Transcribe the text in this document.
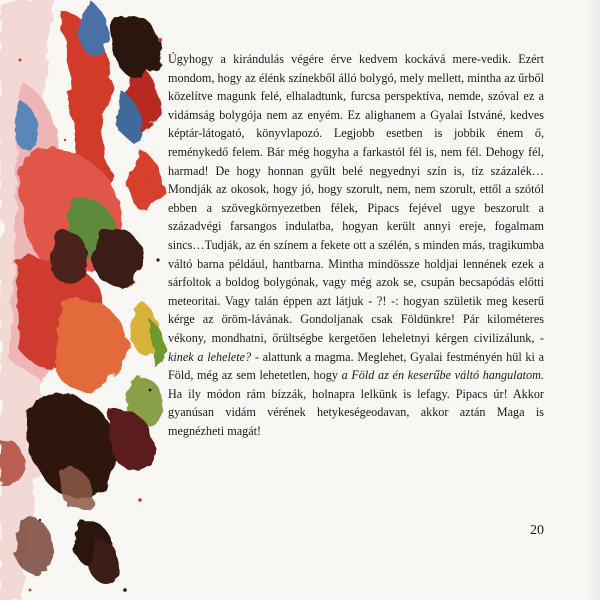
Úgyhogy a kirándulás végére érve kedvem kockává mere-vedik. Ezért mondom, hogy az élénk színekből álló bolygó, mely mellett, mintha az űrből közelítve magunk felé, elhaladtunk, furcsa perspektíva, nemde, szóval ez a vidámság bolygója nem az enyém. Ez alighanem a Gyalai Istváné, kedves képtár-látogató, könyvlapozó. Legjobb esetben is jobbik énem ő, reménykedő felem. Bár még hogyha a farkastól fél is, nem fél. Dehogy fél, harmad! De hogy honnan gyűlt belé negyednyi szín is, tíz százalék… Mondják az okosok, hogy jó, hogy szorult, nem, nem szorult, ettől a szótól ebben a szövegkörnyezetben félek, Pipacs fejével ugye beszorult a századvégi farsangos indulatba, hogyan került annyi ereje, fogalmam sincs…Tudják, az én színem a fekete ott a szélén, s minden más, tragikumba váltó barna például, hantbarna. Mintha mindössze holdjai lennének ezek a sárfoltok a boldog bolygónak, vagy még azok se, csupán becsapódás előtti meteoritai. Vagy talán éppen azt látjuk - ?! -: hogyan születik meg keserű kérge az öröm-lávának. Gondoljanak csak Földünkre! Pár kilométeres vékony, mondhatni, őrültségbe kergetően leheletnyi kérgen civilizálunk, - kinek a lehelete? - alattunk a magma. Meglehet, Gyalai festményén hül ki a Föld, még az sem lehetetlen, hogy a Föld az én keserűbe váltó hangulatom. Ha ily módon rám bízzák, holnapra lelkünk is lefagy. Pipacs úr! Akkor gyanúsan vidám vérének hetykeségeodavan, akkor aztán Maga is megnézheti magát!

20
